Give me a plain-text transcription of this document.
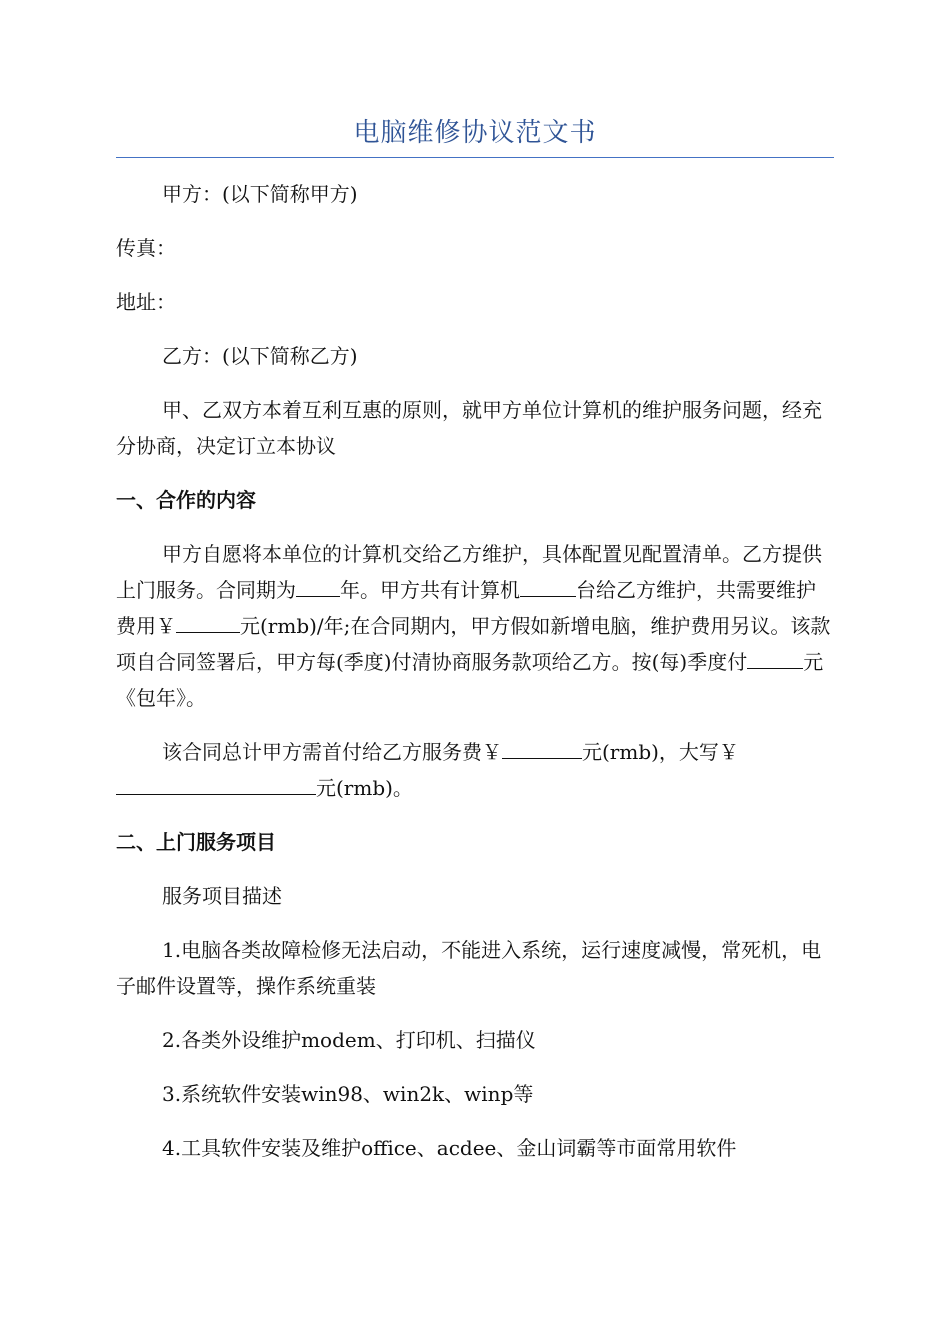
电脑维修协议范文书

甲方：(以下简称甲方)

传真：

地址：

乙方：(以下简称乙方)

甲、乙双方本着互利互惠的原则，就甲方单位计算机的维护服务问题，经充分协商，决定订立本协议

一、合作的内容

甲方自愿将本单位的计算机交给乙方维护，具体配置见配置清单。乙方提供上门服务。合同期为 年。甲方共有计算机	台给乙方维护，共需要维护费用￥	元(rmb)/年;在合同期内，甲方假如新增电脑，维护费用另议。该款项自合同签署后，甲方每(季度)付清协商服务款项给乙方。按(每)季度付	元《包年》。

该合同总计甲方需首付给乙方服务费￥	元(rmb)，大写￥元(rmb)。

二、上门服务项目

服务项目描述

1.电脑各类故障检修无法启动，不能进入系统，运行速度减慢，常死机，电子邮件设置等，操作系统重装

2.各类外设维护modem、打印机、扫描仪

3.系统软件安装win98、win2k、winp等

4.工具软件安装及维护office、acdee、金山词霸等市面常用软件
